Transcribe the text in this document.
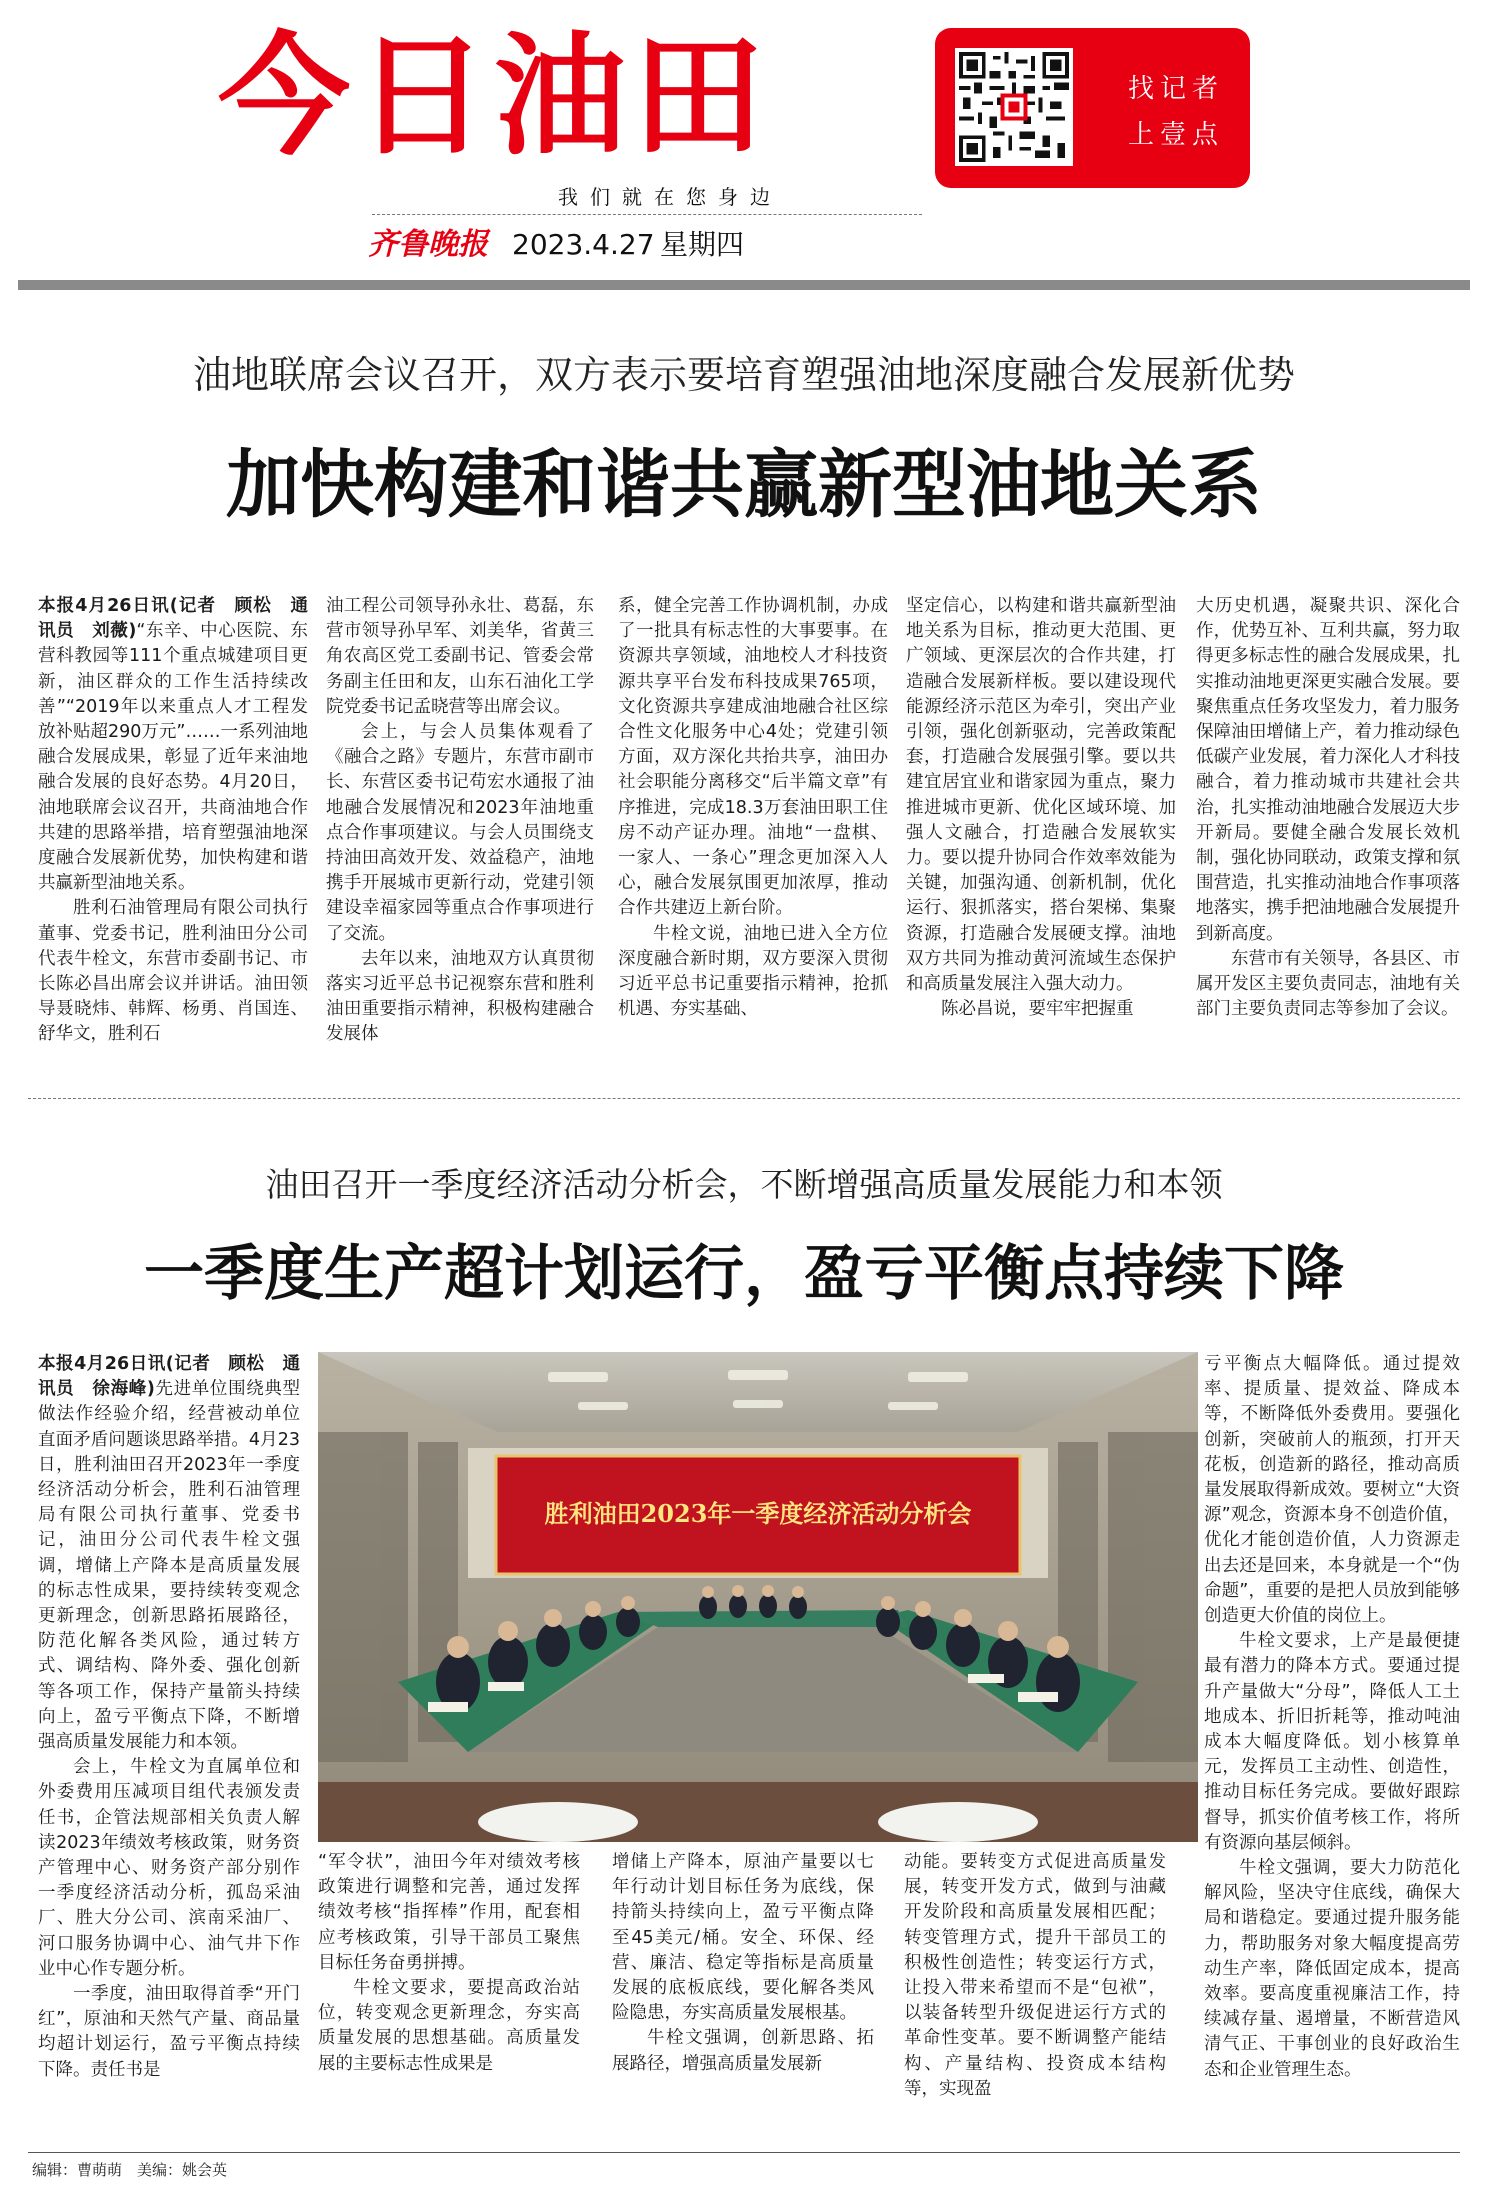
今日油田
我们就在您身边
找记者
上壹点
齐鲁晚报 2023.4.27 星期四
油地联席会议召开，双方表示要培育塑强油地深度融合发展新优势
加快构建和谐共赢新型油地关系

本报4月26日讯(记者　顾松　通讯员　刘薇)“东辛、中心医院、东营科教园等111个重点城建项目更新，油区群众的工作生活持续改善”“2019年以来重点人才工程发放补贴超290万元”……一系列油地融合发展成果，彰显了近年来油地融合发展的良好态势。4月20日，油地联席会议召开，共商油地合作共建的思路举措，培育塑强油地深度融合发展新优势，加快构建和谐共赢新型油地关系。

胜利石油管理局有限公司执行董事、党委书记，胜利油田分公司代表牛栓文，东营市委副书记、市长陈必昌出席会议并讲话。油田领导聂晓炜、韩辉、杨勇、肖国连、舒华文，胜利石

油工程公司领导孙永壮、葛磊，东营市领导孙早军、刘美华，省黄三角农高区党工委副书记、管委会常务副主任田和友，山东石油化工学院党委书记孟晓营等出席会议。

会上，与会人员集体观看了《融合之路》专题片，东营市副市长、东营区委书记苟宏水通报了油地融合发展情况和2023年油地重点合作事项建议。与会人员围绕支持油田高效开发、效益稳产，油地携手开展城市更新行动，党建引领建设幸福家园等重点合作事项进行了交流。

去年以来，油地双方认真贯彻落实习近平总书记视察东营和胜利油田重要指示精神，积极构建融合发展体

系，健全完善工作协调机制，办成了一批具有标志性的大事要事。在资源共享领域，油地校人才科技资源共享平台发布科技成果765项，文化资源共享建成油地融合社区综合性文化服务中心4处；党建引领方面，双方深化共抬共享，油田办社会职能分离移交“后半篇文章”有序推进，完成18.3万套油田职工住房不动产证办理。油地“一盘棋、一家人、一条心”理念更加深入人心，融合发展氛围更加浓厚，推动合作共建迈上新台阶。

牛栓文说，油地已进入全方位深度融合新时期，双方要深入贯彻习近平总书记重要指示精神，抢抓机遇、夯实基础、

坚定信心，以构建和谐共赢新型油地关系为目标，推动更大范围、更广领域、更深层次的合作共建，打造融合发展新样板。要以建设现代能源经济示范区为牵引，突出产业引领，强化创新驱动，完善政策配套，打造融合发展强引擎。要以共建宜居宜业和谐家园为重点，聚力推进城市更新、优化区域环境、加强人文融合，打造融合发展软实力。要以提升协同合作效率效能为关键，加强沟通、创新机制，优化运行、狠抓落实，搭台架梯、集聚资源，打造融合发展硬支撑。油地双方共同为推动黄河流域生态保护和高质量发展注入强大动力。

陈必昌说，要牢牢把握重

大历史机遇，凝聚共识、深化合作，优势互补、互利共赢，努力取得更多标志性的融合发展成果，扎实推动油地更深更实融合发展。要聚焦重点任务攻坚发力，着力服务保障油田增储上产，着力推动绿色低碳产业发展，着力深化人才科技融合，着力推动城市共建社会共治，扎实推动油地融合发展迈大步开新局。要健全融合发展长效机制，强化协同联动，政策支撑和氛围营造，扎实推动油地合作事项落地落实，携手把油地融合发展提升到新高度。

东营市有关领导，各县区、市属开发区主要负责同志，油地有关部门主要负责同志等参加了会议。

油田召开一季度经济活动分析会，不断增强高质量发展能力和本领
一季度生产超计划运行，盈亏平衡点持续下降

本报4月26日讯(记者　顾松　通讯员　徐海峰)先进单位围绕典型做法作经验介绍，经营被动单位直面矛盾问题谈思路举措。4月23日，胜利油田召开2023年一季度经济活动分析会，胜利石油管理局有限公司执行董事、党委书记，油田分公司代表牛栓文强调，增储上产降本是高质量发展的标志性成果，要持续转变观念更新理念，创新思路拓展路径，防范化解各类风险，通过转方式、调结构、降外委、强化创新等各项工作，保持产量箭头持续向上，盈亏平衡点下降，不断增强高质量发展能力和本领。

会上，牛栓文为直属单位和外委费用压减项目组代表颁发责任书，企管法规部相关负责人解读2023年绩效考核政策，财务资产管理中心、财务资产部分别作一季度经济活动分析，孤岛采油厂、胜大分公司、滨南采油厂、河口服务协调中心、油气井下作业中心作专题分析。

一季度，油田取得首季“开门红”，原油和天然气产量、商品量均超计划运行，盈亏平衡点持续下降。责任书是

胜利油田2023年一季度经济活动分析会

“军令状”，油田今年对绩效考核政策进行调整和完善，通过发挥绩效考核“指挥棒”作用，配套相应考核政策，引导干部员工聚焦目标任务奋勇拼搏。

牛栓文要求，要提高政治站位，转变观念更新理念，夯实高质量发展的思想基础。高质量发展的主要标志性成果是

增储上产降本，原油产量要以七年行动计划目标任务为底线，保持箭头持续向上，盈亏平衡点降至45美元/桶。安全、环保、经营、廉洁、稳定等指标是高质量发展的底板底线，要化解各类风险隐患，夯实高质量发展根基。

牛栓文强调，创新思路、拓展路径，增强高质量发展新

动能。要转变方式促进高质量发展，转变开发方式，做到与油藏开发阶段和高质量发展相匹配；转变管理方式，提升干部员工的积极性创造性；转变运行方式，让投入带来希望而不是“包袱”，以装备转型升级促进运行方式的革命性变革。要不断调整产能结构、产量结构、投资成本结构等，实现盈

亏平衡点大幅降低。通过提效率、提质量、提效益、降成本等，不断降低外委费用。要强化创新，突破前人的瓶颈，打开天花板，创造新的路径，推动高质量发展取得新成效。要树立“大资源”观念，资源本身不创造价值，优化才能创造价值，人力资源走出去还是回来，本身就是一个“伪命题”，重要的是把人员放到能够创造更大价值的岗位上。

牛栓文要求，上产是最便捷最有潜力的降本方式。要通过提升产量做大“分母”，降低人工土地成本、折旧折耗等，推动吨油成本大幅度降低。划小核算单元，发挥员工主动性、创造性，推动目标任务完成。要做好跟踪督导，抓实价值考核工作，将所有资源向基层倾斜。

牛栓文强调，要大力防范化解风险，坚决守住底线，确保大局和谐稳定。要通过提升服务能力，帮助服务对象大幅度提高劳动生产率，降低固定成本，提高效率。要高度重视廉洁工作，持续减存量、遏增量，不断营造风清气正、干事创业的良好政治生态和企业管理生态。

编辑：曹萌萌　美编：姚会英
